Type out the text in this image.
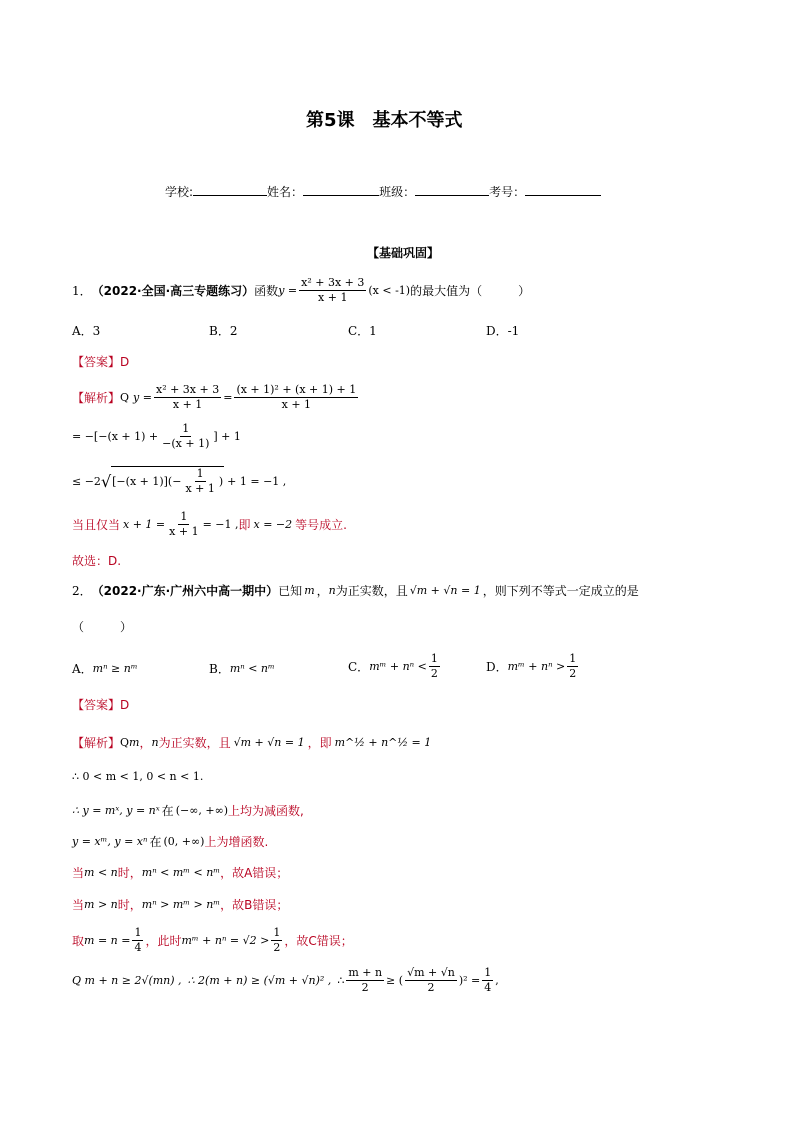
第5课　基本不等式
学校:	姓名：	班级：	考号：
【基础巩固】
1． （2022·全国·高三专题练习） 函数 $y = \frac{\text{x² + 3x + 3}}{x + 1} (x < -1)$ 的最大值为（　　　）
A．3	B．2	C．1	D．-1
【答案】D
【解析】 Q $y = \frac{\text{x² + 3x + 3}}{x + 1} = \frac{\text{(x + 1)² + (x + 1) + 1}}{x + 1}$
= $-[-(x + 1) + \frac{1}{-(x + 1)}$ ] + 1
≤ −2 √ $[-(x + 1)](- \frac{1}{x + 1}$ ) + 1 = −1 ,
当且仅当 $x + 1 = \frac{1}{x + 1} = -1$ , 即 x = −2 等号成立.
故选：D.
2． （2022·广东·广州六中高一期中） 已知 m ， n 为正实数，且 √m + √n = 1 ，则下列不等式一定成立的是
（　　　）
A． mⁿ ≥ nᵐ	B． mⁿ < nᵐ	C． mᵐ + $n^n < \frac{1}{2}$	D． mᵐ + $n^n > \frac{1}{2}$
【答案】D
【解析】 Q m ， n 为正实数，且 √m + √n = 1 ，即 m^½ + n^½ = 1
∴ 0 < m < 1, 0 < n < 1.
∴ y = mˣ, y = nˣ 在 (−∞, +∞) 上均为减函数,
y = xᵐ, y = xⁿ 在 (0, +∞) 上为增函数.
当 m < n 时， mⁿ < mᵐ < nᵐ ，故A错误；
当 m > n 时， mⁿ > mᵐ > nᵐ ，故B错误；
取 $m = n = \frac{1}{4}$ ，此时 mᵐ + $n^n = √2 > \frac{1}{2}$ ，故C错误；
Q m + n ≥ 2√(mn) , ∴ 2(m + n) ≥ (√m + √n)² , ∴ $\frac{m + n}{2}$ ≥ ( $\frac{√m + √n}{2} )^2 = \frac{1}{4}$ ,
